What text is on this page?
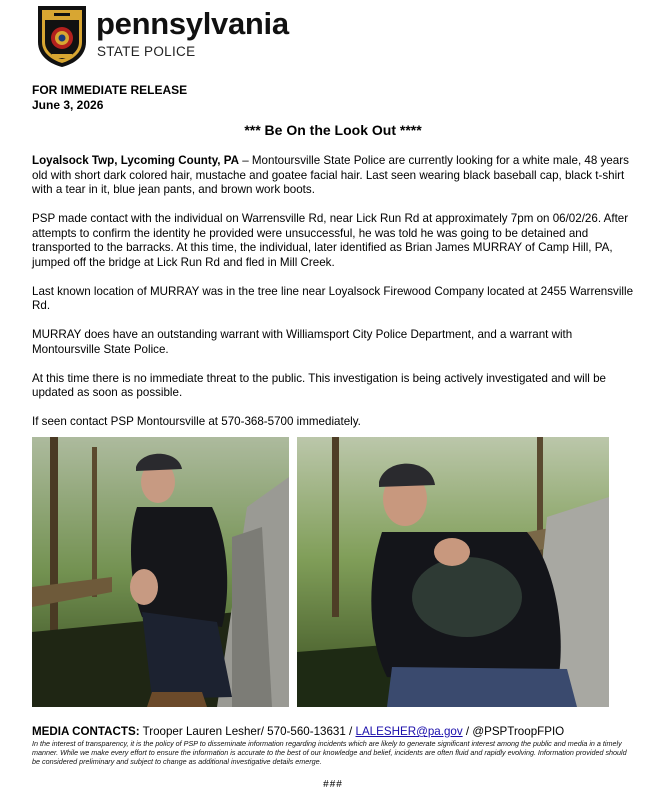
pennsylvania
STATE POLICE
FOR IMMEDIATE RELEASE
June 3, 2026
*** Be On the Look Out ****

Loyalsock Twp, Lycoming County, PA – Montoursville State Police are currently looking for a white male, 48 years old with short dark colored hair, mustache and goatee facial hair. Last seen wearing black baseball cap, black t-shirt with a tear in it, blue jean pants, and brown work boots.

PSP made contact with the individual on Warrensville Rd, near Lick Run Rd at approximately 7pm on 06/02/26. After attempts to confirm the identity he provided were unsuccessful, he was told he was going to be detained and transported to the barracks. At this time, the individual, later identified as Brian James MURRAY of Camp Hill, PA, jumped off the bridge at Lick Run Rd and fled in Mill Creek.

Last known location of MURRAY was in the tree line near Loyalsock Firewood Company located at 2455 Warrensville Rd.

MURRAY does have an outstanding warrant with Williamsport City Police Department, and a warrant with Montoursville State Police.

At this time there is no immediate threat to the public. This investigation is being actively investigated and will be updated as soon as possible.

If seen contact PSP Montoursville at 570-368-5700 immediately.

MEDIA CONTACTS: Trooper Lauren Lesher/ 570-560-13631 / LALESHER@pa.gov / @PSPTroopFPIO
In the interest of transparency, it is the policy of PSP to disseminate information regarding incidents which are likely to generate significant interest among the public and media in a timely manner. While we make every effort to ensure the information is accurate to the best of our knowledge and belief, incidents are often fluid and rapidly evolving. Information provided should be considered preliminary and subject to change as additional investigative details emerge.
###
